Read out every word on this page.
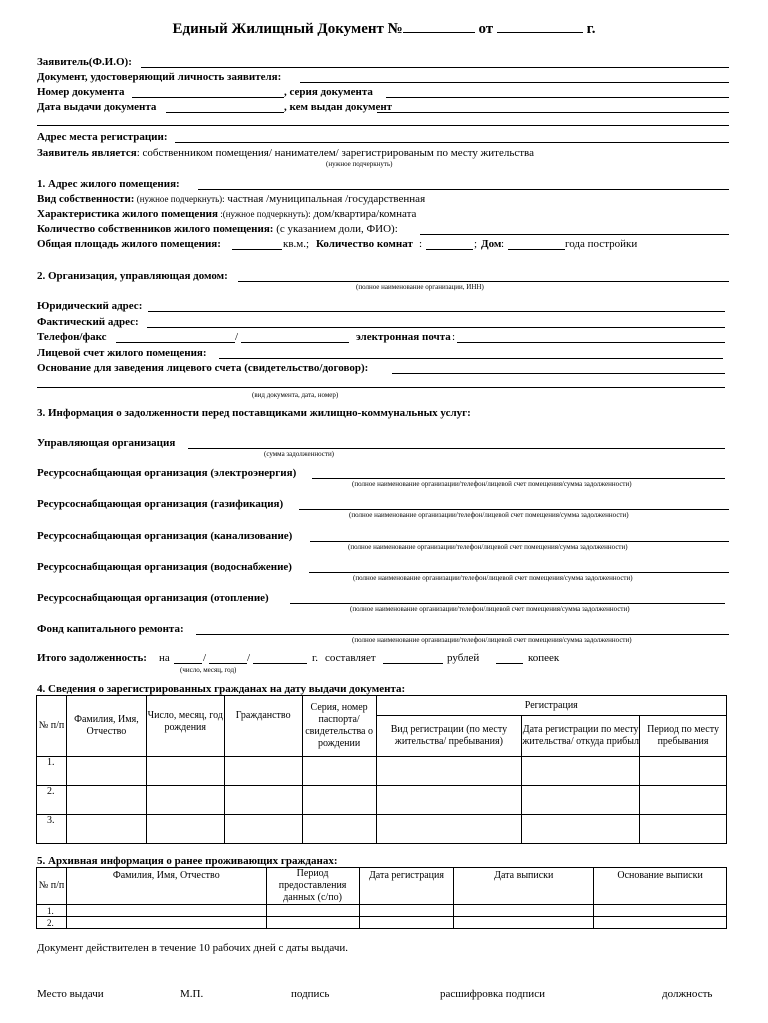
Единый Жилищный Документ №	от	г.
Заявитель(Ф.И.О):
Документ, удостоверяющий личность заявителя:
Номер документа	, серия документа
Дата выдачи документа	, кем выдан документ
Адрес места регистрации:
Заявитель является: собственником помещения/ нанимателем/ зарегистрированым по месту жительства
(нужное подчеркнуть)
1. Адрес жилого помещения:
Вид собственности: (нужное подчеркнуть): частная /муниципальная /государственная
Характеристика жилого помещения :(нужное подчеркнуть): дом/квартира/комната
Количество собственников жилого помещения: (с указанием доли, ФИО):
Общая площадь жилого помещения:	кв.м.; Количество комнат :	; Дом :	года постройки
2. Организация, управляющая домом:
(полное наименование организации, ИНН)
Юридический адрес:
Фактический адрес:
Телефон/факс	/	электронная почта :
Лицевой счет жилого помещения:
Основание для заведения лицевого счета (свидетельство/договор):
(вид документа, дата, номер)
3. Информация о задолженности перед поставщиками жилищно-коммунальных услуг:
Управляющая организация
(сумма задолженности)
Ресурсоснабщающая организация (электроэнергия)
(полное наименование организации/телефон/лицевой счет помещения/сумма задолженности)
Ресурсоснабщающая организация (газификация)
(полное наименование организации/телефон/лицевой счет помещения/сумма задолженности)
Ресурсоснабщающая организация (канализование)
(полное наименование организации/телефон/лицевой счет помещения/сумма задолженности)
Ресурсоснабщающая организация (водоснабжение)
(полное наименование организации/телефон/лицевой счет помещения/сумма задолженности)
Ресурсоснабщающая организация (отопление)
(полное наименование организации/телефон/лицевой счет помещения/сумма задолженности)
Фонд капитального ремонта:
(полное наименование организации/телефон/лицевой счет помещения/сумма задолженности)
Итого задолженность: на	/	/	г. составляет	рублей	копеек
(число, месяц, год)
4. Сведения о зарегистрированных гражданах на дату выдачи документа:
№ п/п	Фамилия, Имя, Отчество	Число, месяц, год рождения	Гражданство	Серия, номер паспорта/ свидетельства о рождении	Регистрация		
					Вид регистрации (по месту жительства/ пребывания)	Дата регистрации по месту жительства/ откуда прибыл	Период по месту пребывания
1.							
2.							
3.							
5. Архивная информация о ранее проживающих гражданах:
№ п/п	Фамилия, Имя, Отчество	Период предоставления данных (с/по)	Дата регистрация	Дата выписки	Основание выписки
1.					
2.					
Документ действителен в течение 10 рабочих дней с даты выдачи.
Место выдачи	М.П.	подпись	расшифровка подписи	должность
